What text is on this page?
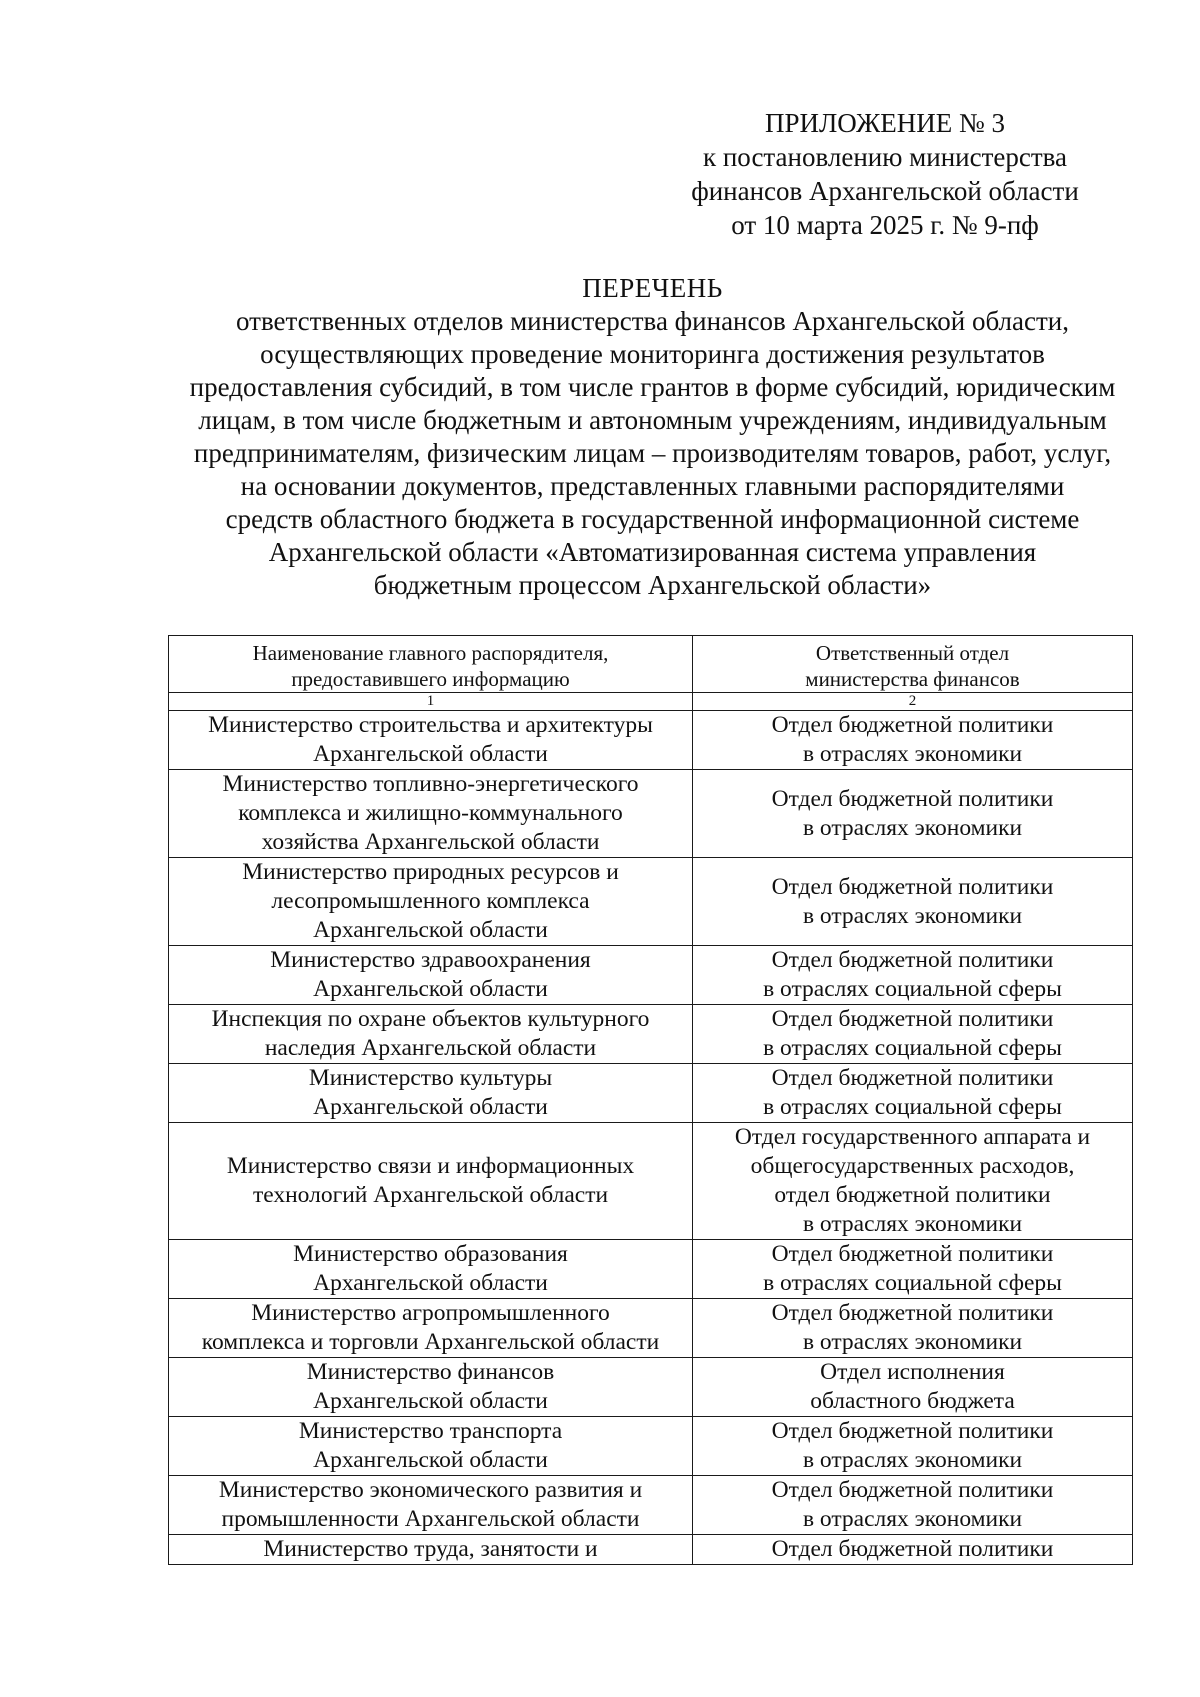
ПРИЛОЖЕНИЕ № 3
к постановлению министерства
финансов Архангельской области
от 10 марта 2025 г. № 9-пф
ПЕРЕЧЕНЬ
ответственных отделов министерства финансов Архангельской области,
осуществляющих проведение мониторинга достижения результатов
предоставления субсидий, в том числе грантов в форме субсидий, юридическим
лицам, в том числе бюджетным и автономным учреждениям, индивидуальным
предпринимателям, физическим лицам – производителям товаров, работ, услуг,
на основании документов, представленных главными распорядителями
средств областного бюджета в государственной информационной системе
Архангельской области «Автоматизированная система управления
бюджетным процессом Архангельской области»
Наименование главного распорядителя,
предоставившего информацию	Ответственный отдел
министерства финансов

1	2

Министерство строительства и архитектуры
Архангельской области	Отдел бюджетной политики
в отраслях экономики

Министерство топливно-энергетического
комплекса и жилищно-коммунального
хозяйства Архангельской области	Отдел бюджетной политики
в отраслях экономики

Министерство природных ресурсов и
лесопромышленного комплекса
Архангельской области	Отдел бюджетной политики
в отраслях экономики

Министерство здравоохранения
Архангельской области	Отдел бюджетной политики
в отраслях социальной сферы

Инспекция по охране объектов культурного
наследия Архангельской области	Отдел бюджетной политики
в отраслях социальной сферы

Министерство культуры
Архангельской области	Отдел бюджетной политики
в отраслях социальной сферы

Министерство связи и информационных
технологий Архангельской области	Отдел государственного аппарата и
общегосударственных расходов,
отдел бюджетной политики
в отраслях экономики

Министерство образования
Архангельской области	Отдел бюджетной политики
в отраслях социальной сферы

Министерство агропромышленного
комплекса и торговли Архангельской области	Отдел бюджетной политики
в отраслях экономики

Министерство финансов
Архангельской области	Отдел исполнения
областного бюджета

Министерство транспорта
Архангельской области	Отдел бюджетной политики
в отраслях экономики

Министерство экономического развития и
промышленности Архангельской области	Отдел бюджетной политики
в отраслях экономики

Министерство труда, занятости и	Отдел бюджетной политики
